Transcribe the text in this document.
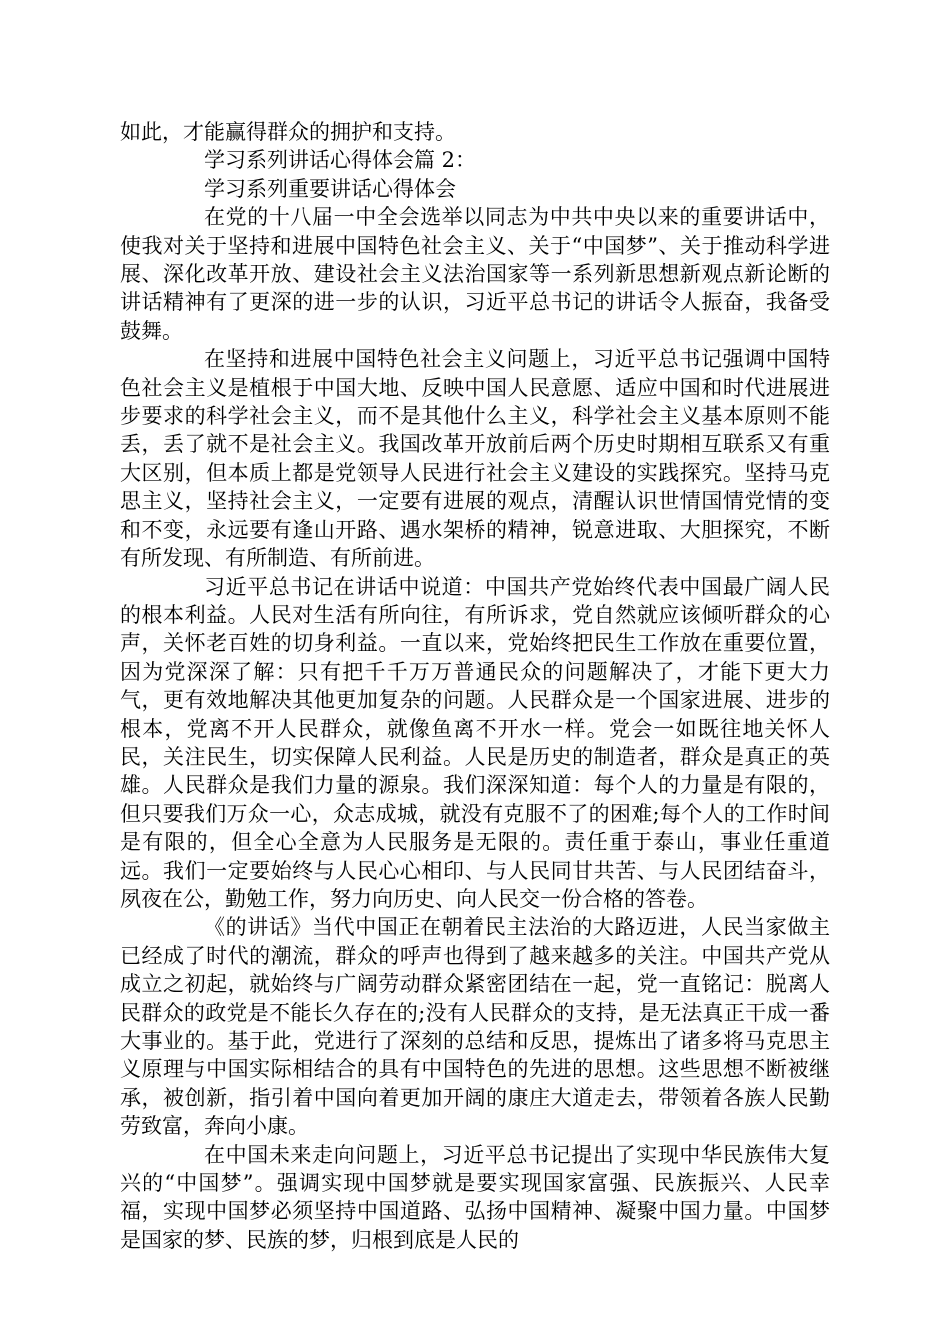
如此，才能赢得群众的拥护和支持。

学习系列讲话心得体会篇 2：

学习系列重要讲话心得体会

在党的十八届一中全会选举以同志为中共中央以来的重要讲话中，使我对关于坚持和进展中国特色社会主义、关于“中国梦”、关于推动科学进展、深化改革开放、建设社会主义法治国家等一系列新思想新观点新论断的讲话精神有了更深的进一步的认识，习近平总书记的讲话令人振奋，我备受鼓舞。

在坚持和进展中国特色社会主义问题上，习近平总书记强调中国特色社会主义是植根于中国大地、反映中国人民意愿、适应中国和时代进展进步要求的科学社会主义，而不是其他什么主义，科学社会主义基本原则不能丢，丢了就不是社会主义。我国改革开放前后两个历史时期相互联系又有重大区别，但本质上都是党领导人民进行社会主义建设的实践探究。坚持马克思主义，坚持社会主义，一定要有进展的观点，清醒认识世情国情党情的变和不变，永远要有逢山开路、遇水架桥的精神，锐意进取、大胆探究，不断有所发现、有所制造、有所前进。

习近平总书记在讲话中说道：中国共产党始终代表中国最广阔人民的根本利益。人民对生活有所向往，有所诉求，党自然就应该倾听群众的心声，关怀老百姓的切身利益。一直以来，党始终把民生工作放在重要位置，因为党深深了解：只有把千千万万普通民众的问题解决了，才能下更大力气，更有效地解决其他更加复杂的问题。人民群众是一个国家进展、进步的根本，党离不开人民群众，就像鱼离不开水一样。党会一如既往地关怀人民，关注民生，切实保障人民利益。人民是历史的制造者，群众是真正的英雄。人民群众是我们力量的源泉。我们深深知道：每个人的力量是有限的，但只要我们万众一心，众志成城，就没有克服不了的困难;每个人的工作时间是有限的，但全心全意为人民服务是无限的。责任重于泰山，事业任重道远。我们一定要始终与人民心心相印、与人民同甘共苦、与人民团结奋斗，夙夜在公，勤勉工作，努力向历史、向人民交一份合格的答卷。

《的讲话》当代中国正在朝着民主法治的大路迈进，人民当家做主已经成了时代的潮流，群众的呼声也得到了越来越多的关注。中国共产党从成立之初起，就始终与广阔劳动群众紧密团结在一起，党一直铭记：脱离人民群众的政党是不能长久存在的;没有人民群众的支持，是无法真正干成一番大事业的。基于此，党进行了深刻的总结和反思，提炼出了诸多将马克思主义原理与中国实际相结合的具有中国特色的先进的思想。这些思想不断被继承，被创新，指引着中国向着更加开阔的康庄大道走去，带领着各族人民勤劳致富，奔向小康。

在中国未来走向问题上，习近平总书记提出了实现中华民族伟大复兴的“中国梦”。强调实现中国梦就是要实现国家富强、民族振兴、人民幸福，实现中国梦必须坚持中国道路、弘扬中国精神、凝聚中国力量。中国梦是国家的梦、民族的梦，归根到底是人民的
